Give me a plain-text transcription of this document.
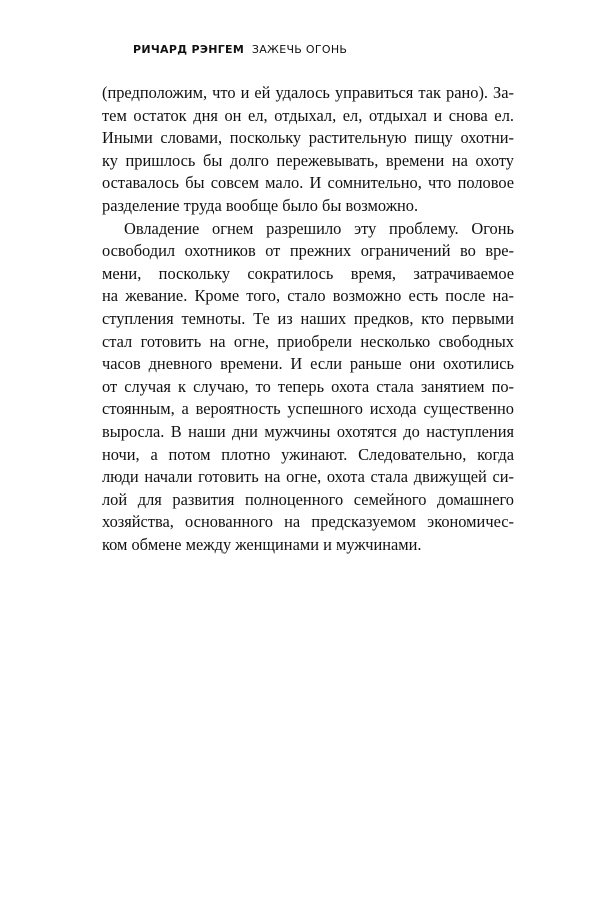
РИЧАРД РЭНГЕМ ЗАЖЕЧЬ ОГОНЬ
(предположим, что и ей удалось управиться так рано). За-
тем остаток дня он ел, отдыхал, ел, отдыхал и снова ел.
Иными словами, поскольку растительную пищу охотни-
ку пришлось бы долго пережевывать, времени на охоту
оставалось бы совсем мало. И сомнительно, что половое
разделение труда вообще было бы возможно.
Овладение огнем разрешило эту проблему. Огонь
освободил охотников от прежних ограничений во вре-
мени, поскольку сократилось время, затрачиваемое
на жевание. Кроме того, стало возможно есть после на-
ступления темноты. Те из наших предков, кто первыми
стал готовить на огне, приобрели несколько свободных
часов дневного времени. И если раньше они охотились
от случая к случаю, то теперь охота стала занятием по-
стоянным, а вероятность успешного исхода существенно
выросла. В наши дни мужчины охотятся до наступления
ночи, а потом плотно ужинают. Следовательно, когда
люди начали готовить на огне, охота стала движущей си-
лой для развития полноценного семейного домашнего
хозяйства, основанного на предсказуемом экономичес-
ком обмене между женщинами и мужчинами.
